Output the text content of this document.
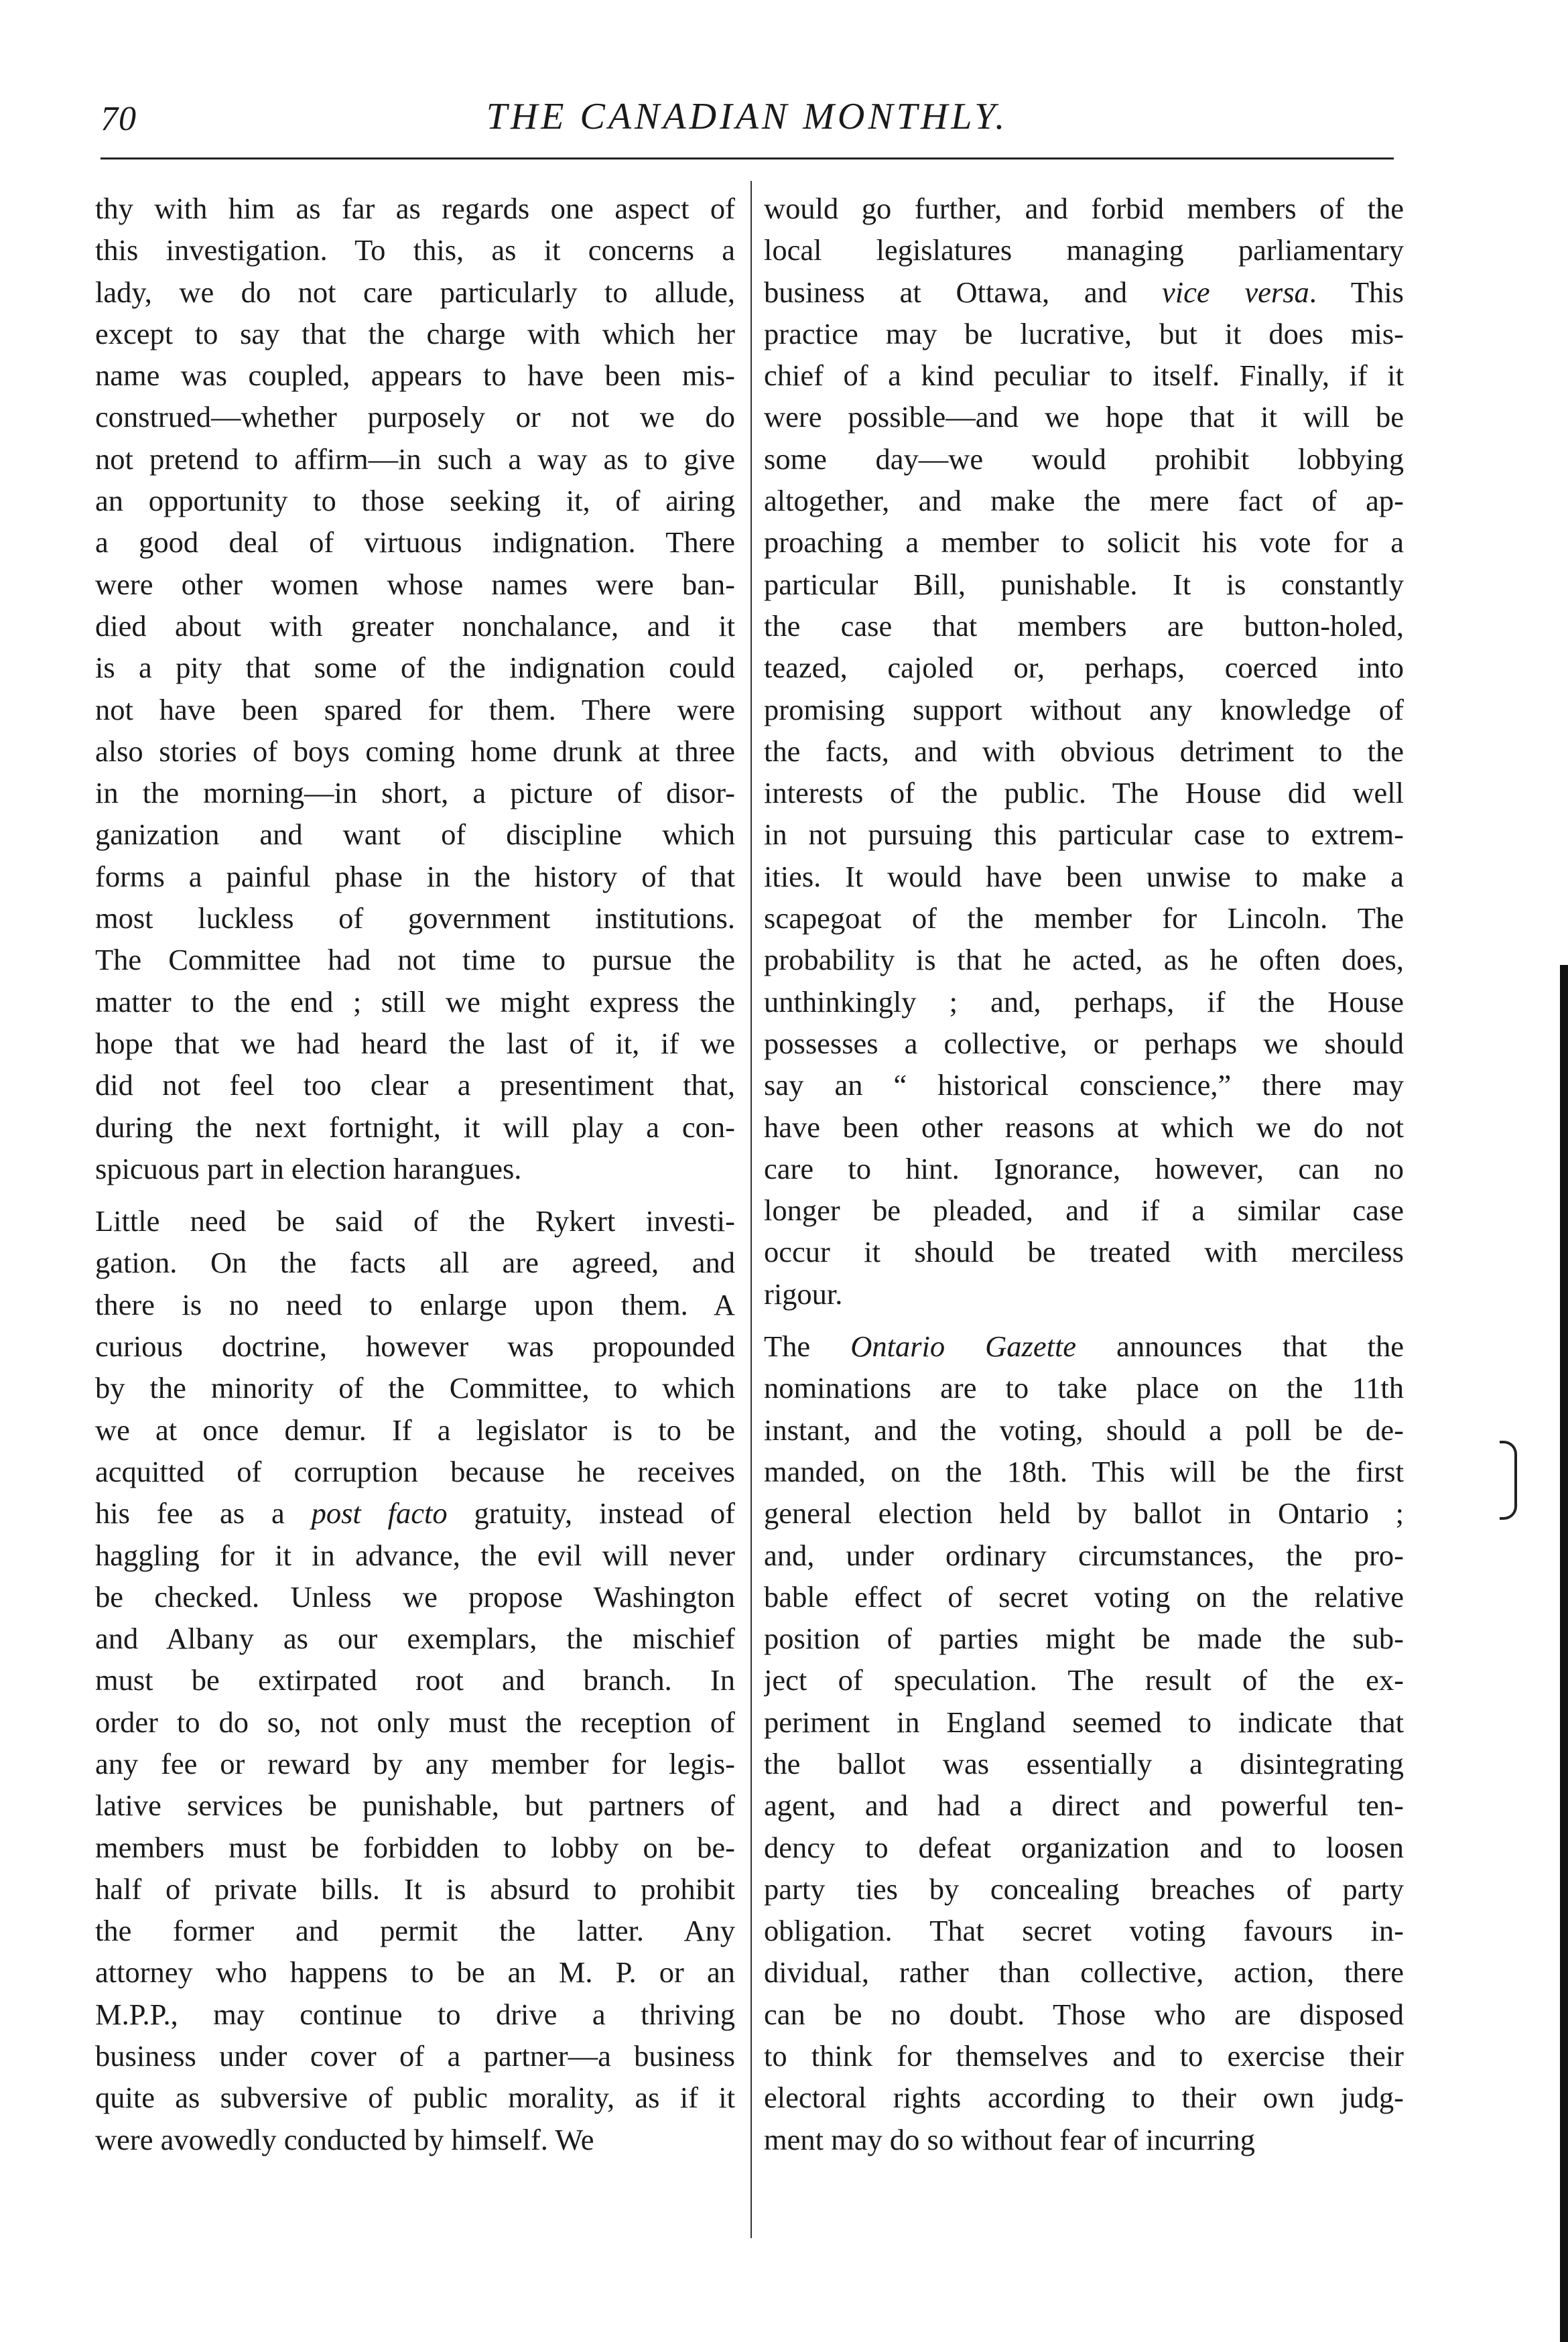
70	THE CANADIAN MONTHLY.
thy with him as far as regards one aspect of
this investigation. To this, as it concerns a
lady, we do not care particularly to allude,
except to say that the charge with which her
name was coupled, appears to have been mis-
construed—whether purposely or not we do
not pretend to affirm—in such a way as to give
an opportunity to those seeking it, of airing
a good deal of virtuous indignation. There
were other women whose names were ban-
died about with greater nonchalance, and it
is a pity that some of the indignation could
not have been spared for them. There were
also stories of boys coming home drunk at three
in the morning—in short, a picture of disor-
ganization and want of discipline which
forms a painful phase in the history of that
most luckless of government institutions.
The Committee had not time to pursue the
matter to the end ; still we might express the
hope that we had heard the last of it, if we
did not feel too clear a presentiment that,
during the next fortnight, it will play a con-
spicuous part in election harangues.
Little need be said of the Rykert investi-
gation. On the facts all are agreed, and
there is no need to enlarge upon them. A
curious doctrine, however was propounded
by the minority of the Committee, to which
we at once demur. If a legislator is to be
acquitted of corruption because he receives
his fee as a post facto gratuity, instead of
haggling for it in advance, the evil will never
be checked. Unless we propose Washington
and Albany as our exemplars, the mischief
must be extirpated root and branch. In
order to do so, not only must the reception of
any fee or reward by any member for legis-
lative services be punishable, but partners of
members must be forbidden to lobby on be-
half of private bills. It is absurd to prohibit
the former and permit the latter. Any
attorney who happens to be an M. P. or an
M.P.P., may continue to drive a thriving
business under cover of a partner—a business
quite as subversive of public morality, as if it
were avowedly conducted by himself. We
would go further, and forbid members of the
local legislatures managing parliamentary
business at Ottawa, and vice versa. This
practice may be lucrative, but it does mis-
chief of a kind peculiar to itself. Finally, if it
were possible—and we hope that it will be
some day—we would prohibit lobbying
altogether, and make the mere fact of ap-
proaching a member to solicit his vote for a
particular Bill, punishable. It is constantly
the case that members are button-holed,
teazed, cajoled or, perhaps, coerced into
promising support without any knowledge of
the facts, and with obvious detriment to the
interests of the public. The House did well
in not pursuing this particular case to extrem-
ities. It would have been unwise to make a
scapegoat of the member for Lincoln. The
probability is that he acted, as he often does,
unthinkingly ; and, perhaps, if the House
possesses a collective, or perhaps we should
say an “ historical conscience,” there may
have been other reasons at which we do not
care to hint. Ignorance, however, can no
longer be pleaded, and if a similar case
occur it should be treated with merciless
rigour.
The Ontario Gazette announces that the
nominations are to take place on the 11th
instant, and the voting, should a poll be de-
manded, on the 18th. This will be the first
general election held by ballot in Ontario ;
and, under ordinary circumstances, the pro-
bable effect of secret voting on the relative
position of parties might be made the sub-
ject of speculation. The result of the ex-
periment in England seemed to indicate that
the ballot was essentially a disintegrating
agent, and had a direct and powerful ten-
dency to defeat organization and to loosen
party ties by concealing breaches of party
obligation. That secret voting favours in-
dividual, rather than collective, action, there
can be no doubt. Those who are disposed
to think for themselves and to exercise their
electoral rights according to their own judg-
ment may do so without fear of incurring
